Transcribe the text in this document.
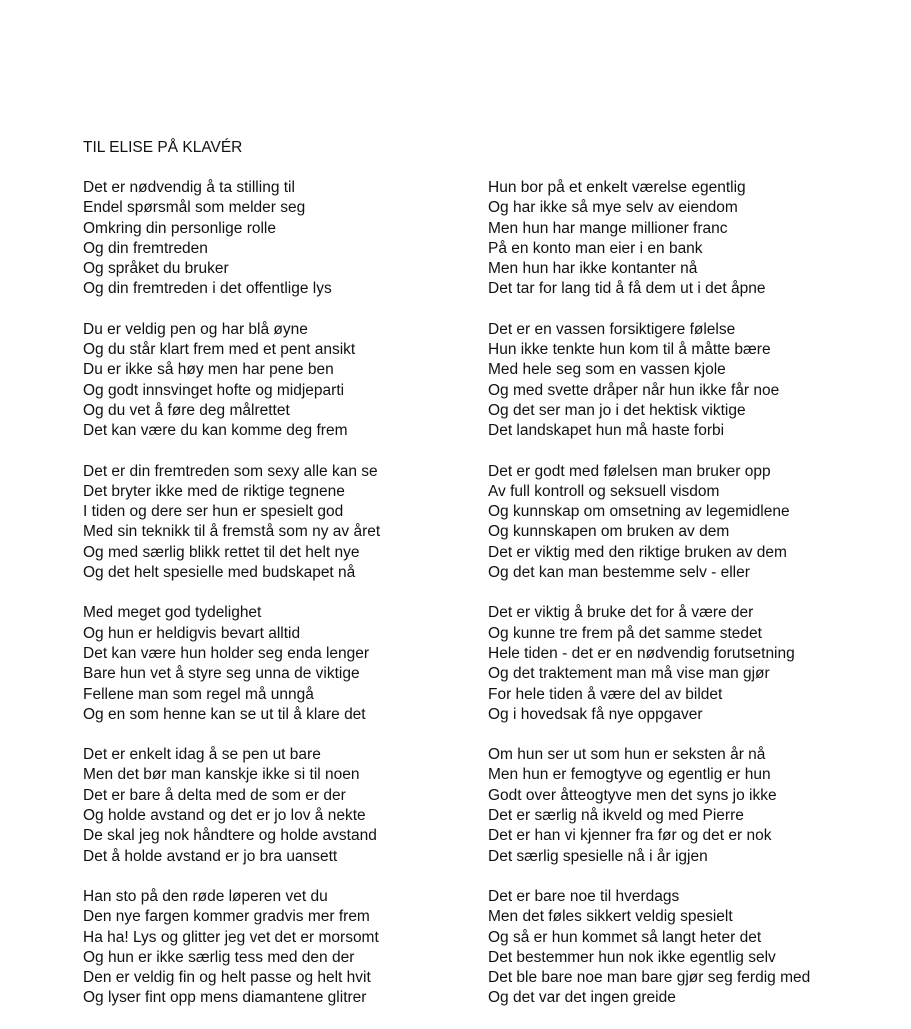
TIL ELISE PÅ KLAVÉR
Det er nødvendig å ta stilling til
Endel spørsmål som melder seg
Omkring din personlige rolle
Og din fremtreden
Og språket du bruker
Og din fremtreden i det offentlige lys
Du er veldig pen og har blå øyne
Og du står klart frem med et pent ansikt
Du er ikke så høy men har pene ben
Og godt innsvinget hofte og midjeparti
Og du vet å føre deg målrettet
Det kan være du kan komme deg frem
Det er din fremtreden som sexy alle kan se
Det bryter ikke med de riktige tegnene
I tiden og dere ser hun er spesielt god
Med sin teknikk til å fremstå som ny av året
Og med særlig blikk rettet til det helt nye
Og det helt spesielle med budskapet nå
Med meget god tydelighet
Og hun er heldigvis bevart alltid
Det kan være hun holder seg enda lenger
Bare hun vet å styre seg unna de viktige
Fellene man som regel må unngå
Og en som henne kan se ut til å klare det
Det er enkelt idag å se pen ut bare
Men det bør man kanskje ikke si til noen
Det er bare å delta med de som er der
Og holde avstand og det er jo lov å nekte
De skal jeg nok håndtere og holde avstand
Det å holde avstand er jo bra uansett
Han sto på den røde løperen vet du
Den nye fargen kommer gradvis mer frem
Ha ha! Lys og glitter jeg vet det er morsomt
Og hun er ikke særlig tess med den der
Den er veldig fin og helt passe og helt hvit
Og lyser fint opp mens diamantene glitrer
Hun bor på et enkelt værelse egentlig
Og har ikke så mye selv av eiendom
Men hun har mange millioner franc
På en konto man eier i en bank
Men hun har ikke kontanter nå
Det tar for lang tid å få dem ut i det åpne
Det er en vassen forsiktigere følelse
Hun ikke tenkte hun kom til å måtte bære
Med hele seg som en vassen kjole
Og med svette dråper når hun ikke får noe
Og det ser man jo i det hektisk viktige
Det landskapet hun må haste forbi
Det er godt med følelsen man bruker opp
Av full kontroll og seksuell visdom
Og kunnskap om omsetning av legemidlene
Og kunnskapen om bruken av dem
Det er viktig med den riktige bruken av dem
Og det kan man bestemme selv - eller
Det er viktig å bruke det for å være der
Og kunne tre frem på det samme stedet
Hele tiden - det er en nødvendig forutsetning
Og det traktement man må vise man gjør
For hele tiden å være del av bildet
Og i hovedsak få nye oppgaver
Om hun ser ut som hun er seksten år nå
Men hun er femogtyve og egentlig er hun
Godt over åtteogtyve men det syns jo ikke
Det er særlig nå ikveld og med Pierre
Det er han vi kjenner fra før og det er nok
Det særlig spesielle nå i år igjen
Det er bare noe til hverdags
Men det føles sikkert veldig spesielt
Og så er hun kommet så langt heter det
Det bestemmer hun nok ikke egentlig selv
Det ble bare noe man bare gjør seg ferdig med
Og det var det ingen greide
